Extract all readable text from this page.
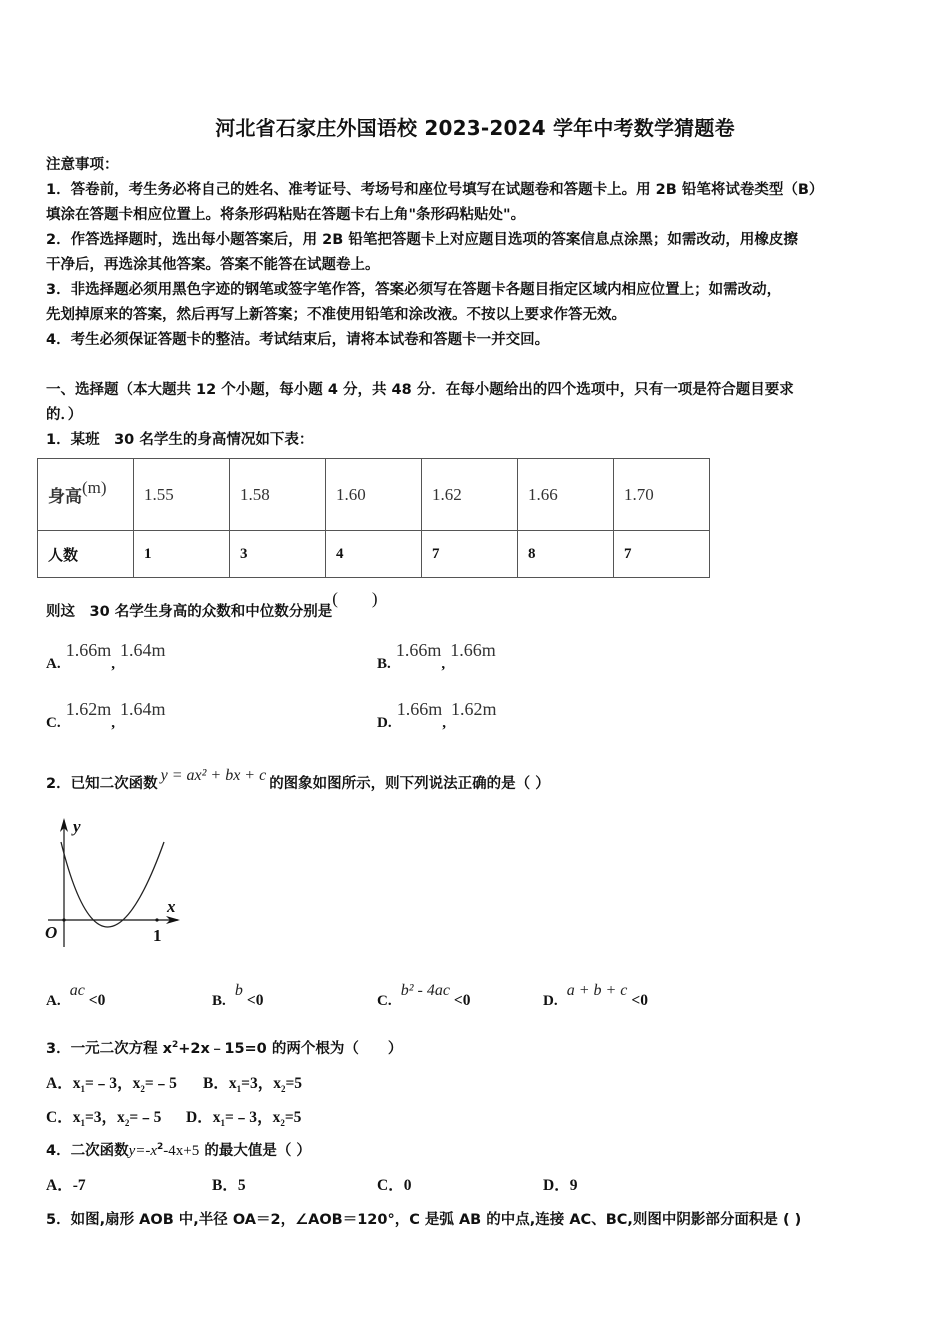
河北省石家庄外国语校 2023-2024 学年中考数学猜题卷
注意事项：
1．答卷前，考生务必将自己的姓名、准考证号、考场号和座位号填写在试题卷和答题卡上。用 2B 铅笔将试卷类型（B）
填涂在答题卡相应位置上。将条形码粘贴在答题卡右上角"条形码粘贴处"。
2．作答选择题时，选出每小题答案后，用 2B 铅笔把答题卡上对应题目选项的答案信息点涂黑；如需改动，用橡皮擦
干净后，再选涂其他答案。答案不能答在试题卷上。
3．非选择题必须用黑色字迹的钢笔或签字笔作答，答案必须写在答题卡各题目指定区域内相应位置上；如需改动，
先划掉原来的答案，然后再写上新答案；不准使用铅笔和涂改液。不按以上要求作答无效。
4．考生必须保证答题卡的整洁。考试结束后，请将本试卷和答题卡一并交回。
一、选择题（本大题共 12 个小题，每小题 4 分，共 48 分．在每小题给出的四个选项中，只有一项是符合题目要求
的．）
1．某班　30 名学生的身高情况如下表：
身高(m)	1.55	1.58	1.60	1.62	1.66	1.70
人数	1	3	4	7	8	7
则这　30 名学生身高的众数和中位数分别是(　　)
A. 1.66m, 1.64m
B. 1.66m, 1.66m
C. 1.62m, 1.64m
D. 1.66m, 1.62m
2．已知二次函数 y = ax² + bx + c 的图象如图所示，则下列说法正确的是（ ）
y
x
O	1
A. ac<0	B. b<0	C. b² - 4ac<0	D. a + b + c<0
3．一元二次方程 $x^2+2x﹣15=0$ 的两个根为（　　）
A．$x_1=﹣3$，$x_2=﹣5$ B．$x_1=3$，$x_2=5$
C．$x_1=3$，$x_2=﹣5$ D．$x_1=﹣3$，$x_2=5$
4．二次函数$y=-x^2-4x+5$ 的最大值是（ ）
A．-7	B．5	C．0	D．9
5．如图,扇形 AOB 中,半径 OA＝2，∠AOB＝120°，C 是弧 AB 的中点,连接 AC、BC,则图中阴影部分面积是 ( )
